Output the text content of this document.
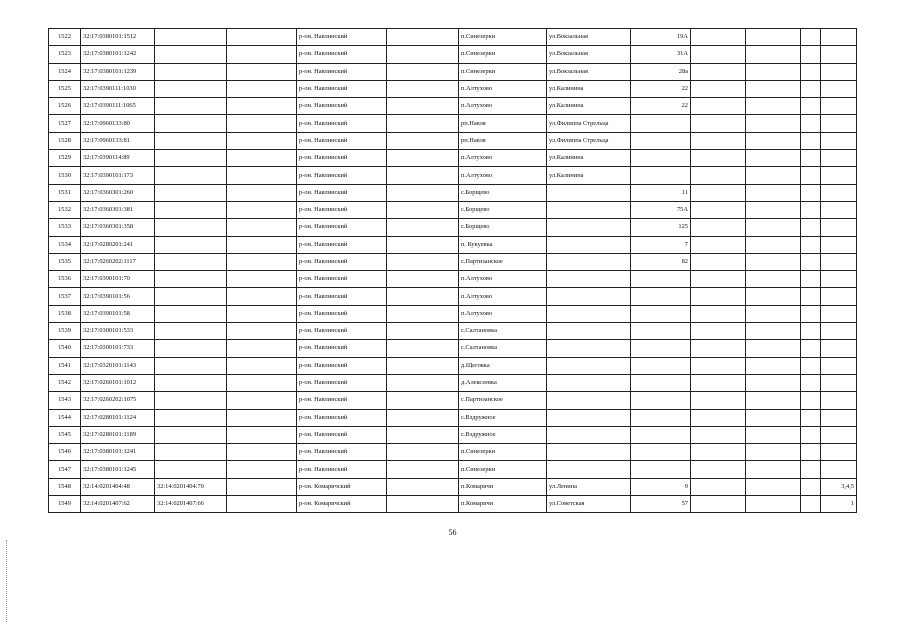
1522	32:17:0380101:1512			р-он. Навлинский		п.Синезерки	ул.Вокзальная	19А				
1523	32:17:0380101:1242			р-он. Навлинский		п.Синезерки	ул.Вокзальная	31А				
1524	32:17:0380101:1239			р-он. Навлинский		п.Синезерки	ул.Вокзальная	28а				
1525	32:17:0390111:1030			р-он. Навлинский		п.Алтухово	ул.Калинина	22				
1526	32:17:0390111:1065			р-он. Навлинский		п.Алтухово	ул.Калинина	22				
1527	32:17:0960133:80			р-он. Навлинский		рп.Навля	ул.Филиппа Стрельца					
1528	32:17:0960133:81			р-он. Навлинский		рп.Навля	ул.Филиппа Стрельца					
1529	32:17:0390114:89			р-он. Навлинский		п.Алтухово	ул.Калинина					
1530	32:17:0390101:173			р-он. Навлинский		п.Алтухово	ул.Калинина					
1531	32:17:0360301:260			р-он. Навлинский		с.Борщево		11				
1532	32:17:0360301:381			р-он. Навлинский		с.Борщево		75А				
1533	32:17:0360301:358			р-он. Навлинский		с.Борщево		125				
1534	32:17:0280201:241			р-он. Навлинский		п. Кукуевка		7				
1535	32:17:0260202:1117			р-он. Навлинский		с.Партизанское		82				
1536	32:17:0390101:70			р-он. Навлинский		п.Алтухово						
1537	32:17:0390101:56			р-он. Навлинский		п.Алтухово						
1538	32:17:0390101:58			р-он. Навлинский		п.Алтухово						
1539	32:17:0300101:533			р-он. Навлинский		с.Салтановка						
1540	32:17:0300101:733			р-он. Навлинский		с.Салтановка						
1541	32:17:0320101:1143			р-он. Навлинский		д.Щеговка						
1542	32:17:0260101:1012			р-он. Навлинский		д.Алексеевка						
1543	32:17:0260202:1075			р-он. Навлинский		с.Партизанское						
1544	32:17:0280101:1124			р-он. Навлинский		с.Вздружное						
1545	32:17:0280101:1189			р-он. Навлинский		с.Вздружное						
1546	32:17:0380101:1241			р-он. Навлинский		п.Синезерки						
1547	32:17:0380101:1245			р-он. Навлинский		п.Синезерки						
1548	32:14:0201404:48	32:14:0201404:70		р-он. Комаричский		п.Комаричи	ул.Ленина	9				3,4,5
1549	32:14:0201407:62	32:14:0201407:66		р-он. Комаричский		п.Комаричи	ул.Советская	57				1
56
